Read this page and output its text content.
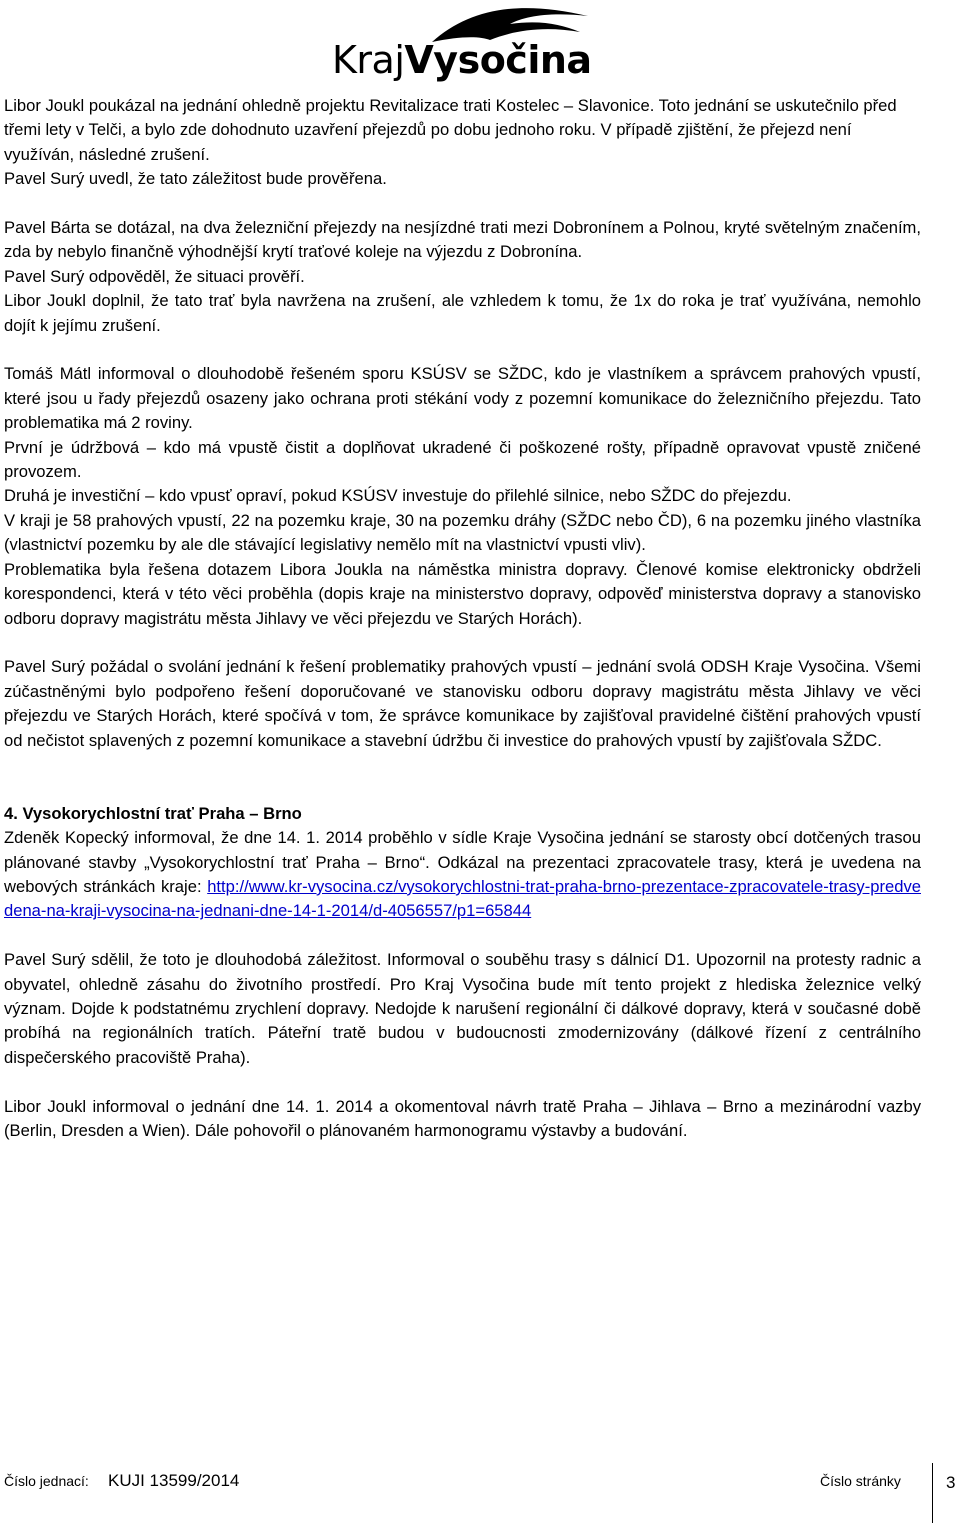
KrajVysočina

Libor Joukl poukázal na jednání ohledně projektu Revitalizace trati Kostelec – Slavonice. Toto jednání se uskutečnilo před třemi lety v Telči, a bylo zde dohodnuto uzavření přejezdů po dobu jednoho roku. V případě zjištění, že přejezd není využíván, následné zrušení.

Pavel Surý uvedl, že tato záležitost bude prověřena.

Pavel Bárta se dotázal, na dva železniční přejezdy na nesjízdné trati mezi Dobronínem a Polnou, kryté světelným značením, zda by nebylo finančně výhodnější krytí traťové koleje na výjezdu z Dobronína.

Pavel Surý odpověděl, že situaci prověří.

Libor Joukl doplnil, že tato trať byla navržena na zrušení, ale vzhledem k tomu, že 1x do roka je trať využívána, nemohlo dojít k jejímu zrušení.

Tomáš Mátl informoval o dlouhodobě řešeném sporu KSÚSV se SŽDC, kdo je vlastníkem a správcem prahových vpustí, které jsou u řady přejezdů osazeny jako ochrana proti stékání vody z pozemní komunikace do železničního přejezdu. Tato problematika má 2 roviny.

První je údržbová – kdo má vpustě čistit a doplňovat ukradené či poškozené rošty, případně opravovat vpustě zničené provozem.

Druhá je investiční – kdo vpusť opraví, pokud KSÚSV investuje do přilehlé silnice, nebo SŽDC do přejezdu.

V kraji je 58 prahových vpustí, 22 na pozemku kraje, 30 na pozemku dráhy (SŽDC nebo ČD), 6 na pozemku jiného vlastníka (vlastnictví pozemku by ale dle stávající legislativy nemělo mít na vlastnictví vpusti vliv).

Problematika byla řešena dotazem Libora Joukla na náměstka ministra dopravy. Členové komise elektronicky obdrželi korespondenci, která v této věci proběhla (dopis kraje na ministerstvo dopravy, odpověď ministerstva dopravy a stanovisko odboru dopravy magistrátu města Jihlavy ve věci přejezdu ve Starých Horách).

Pavel Surý požádal o svolání jednání k řešení problematiky prahových vpustí – jednání svolá ODSH Kraje Vysočina. Všemi zúčastněnými bylo podpořeno řešení doporučované ve stanovisku odboru dopravy magistrátu města Jihlavy ve věci přejezdu ve Starých Horách, které spočívá v tom, že správce komunikace by zajišťoval pravidelné čištění prahových vpustí od nečistot splavených z pozemní komunikace a stavební údržbu či investice do prahových vpustí by zajišťovala SŽDC.

4. Vysokorychlostní trať Praha – Brno

Zdeněk Kopecký informoval, že dne 14. 1. 2014 proběhlo v sídle Kraje Vysočina jednání se starosty obcí dotčených trasou plánované stavby „Vysokorychlostní trať Praha – Brno“. Odkázal na prezentaci zpracovatele trasy, která je uvedena na webových stránkách kraje: http://www.kr-vysocina.cz/vysokorychlostni-trat-praha-brno-prezentace-zpracovatele-trasy-predvedena-na-kraji-vysocina-na-jednani-dne-14-1-2014/d-4056557/p1=65844

Pavel Surý sdělil, že toto je dlouhodobá záležitost. Informoval o souběhu trasy s dálnicí D1. Upozornil na protesty radnic a obyvatel, ohledně zásahu do životního prostředí. Pro Kraj Vysočina bude mít tento projekt z hlediska železnice velký význam. Dojde k podstatnému zrychlení dopravy. Nedojde k narušení regionální či dálkové dopravy, která v současné době probíhá na regionálních tratích. Páteřní tratě budou v budoucnosti zmodernizovány (dálkové řízení z centrálního dispečerského pracoviště Praha).

Libor Joukl informoval o jednání dne 14. 1. 2014 a okomentoval návrh tratě Praha – Jihlava – Brno a mezinárodní vazby (Berlin, Dresden a Wien). Dále pohovořil o plánovaném harmonogramu výstavby a budování.

Číslo jednací: KUJI 13599/2014	Číslo stránky	3
